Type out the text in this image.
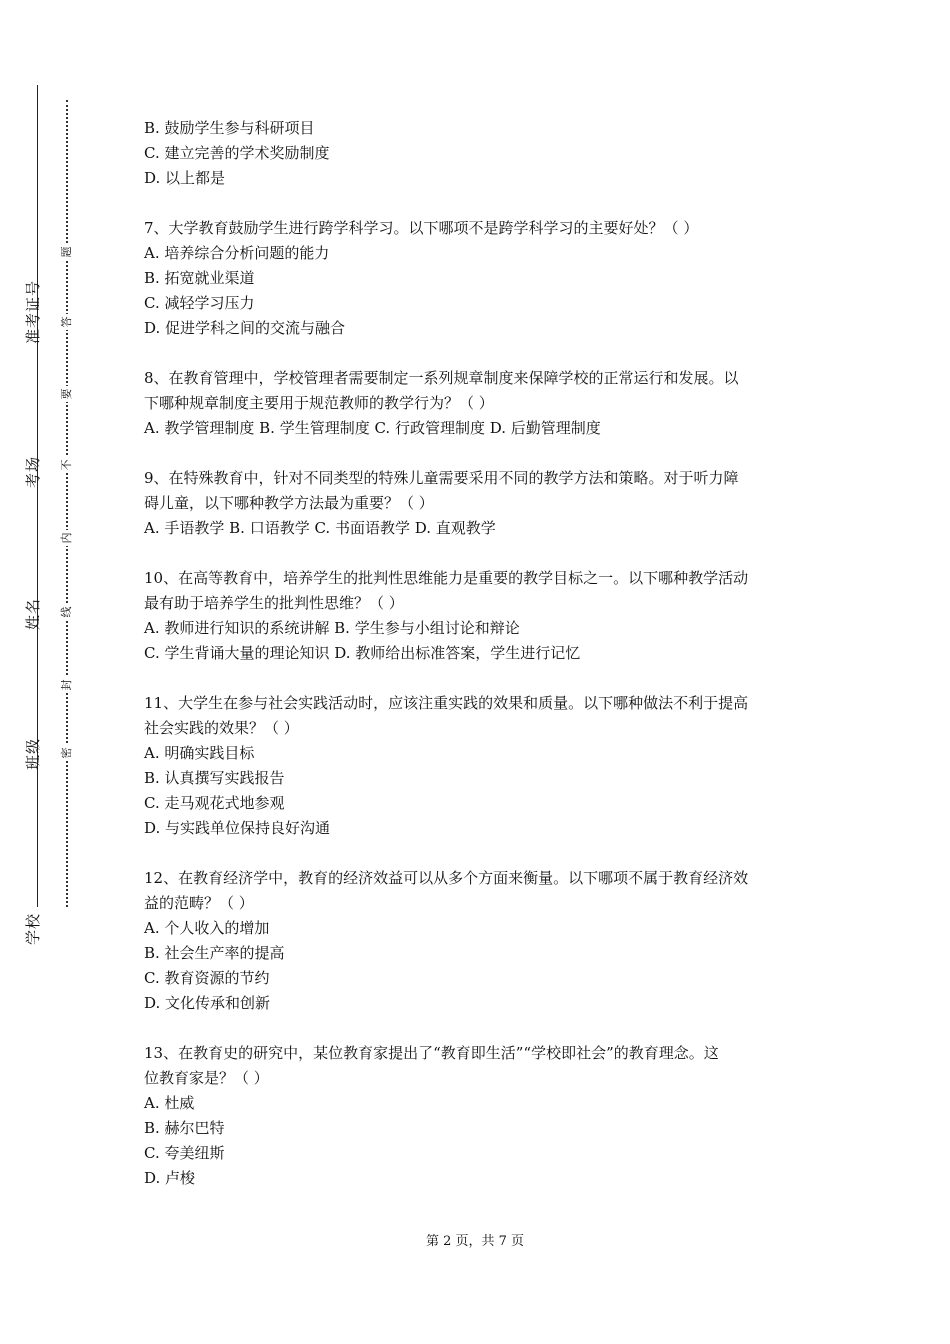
准考证号
考场
姓名
班级
学校
题
答
要
不
内
线
封
密
B. 鼓励学生参与科研项目
C. 建立完善的学术奖励制度
D. 以上都是
7、大学教育鼓励学生进行跨学科学习。以下哪项不是跨学科学习的主要好处？（ ）
A. 培养综合分析问题的能力
B. 拓宽就业渠道
C. 减轻学习压力
D. 促进学科之间的交流与融合
8、在教育管理中，学校管理者需要制定一系列规章制度来保障学校的正常运行和发展。以
下哪种规章制度主要用于规范教师的教学行为？（ ）
A. 教学管理制度 B. 学生管理制度 C. 行政管理制度 D. 后勤管理制度
9、在特殊教育中，针对不同类型的特殊儿童需要采用不同的教学方法和策略。对于听力障
碍儿童，以下哪种教学方法最为重要？（ ）
A. 手语教学 B. 口语教学 C. 书面语教学 D. 直观教学
10、在高等教育中，培养学生的批判性思维能力是重要的教学目标之一。以下哪种教学活动
最有助于培养学生的批判性思维？（ ）
A. 教师进行知识的系统讲解 B. 学生参与小组讨论和辩论
C. 学生背诵大量的理论知识 D. 教师给出标准答案，学生进行记忆
11、大学生在参与社会实践活动时，应该注重实践的效果和质量。以下哪种做法不利于提高
社会实践的效果？（ ）
A. 明确实践目标
B. 认真撰写实践报告
C. 走马观花式地参观
D. 与实践单位保持良好沟通
12、在教育经济学中，教育的经济效益可以从多个方面来衡量。以下哪项不属于教育经济效
益的范畴？（ ）
A. 个人收入的增加
B. 社会生产率的提高
C. 教育资源的节约
D. 文化传承和创新
13、在教育史的研究中，某位教育家提出了“教育即生活”“学校即社会”的教育理念。这
位教育家是？（ ）
A. 杜威
B. 赫尔巴特
C. 夸美纽斯
D. 卢梭
第 2 页，共 7 页
